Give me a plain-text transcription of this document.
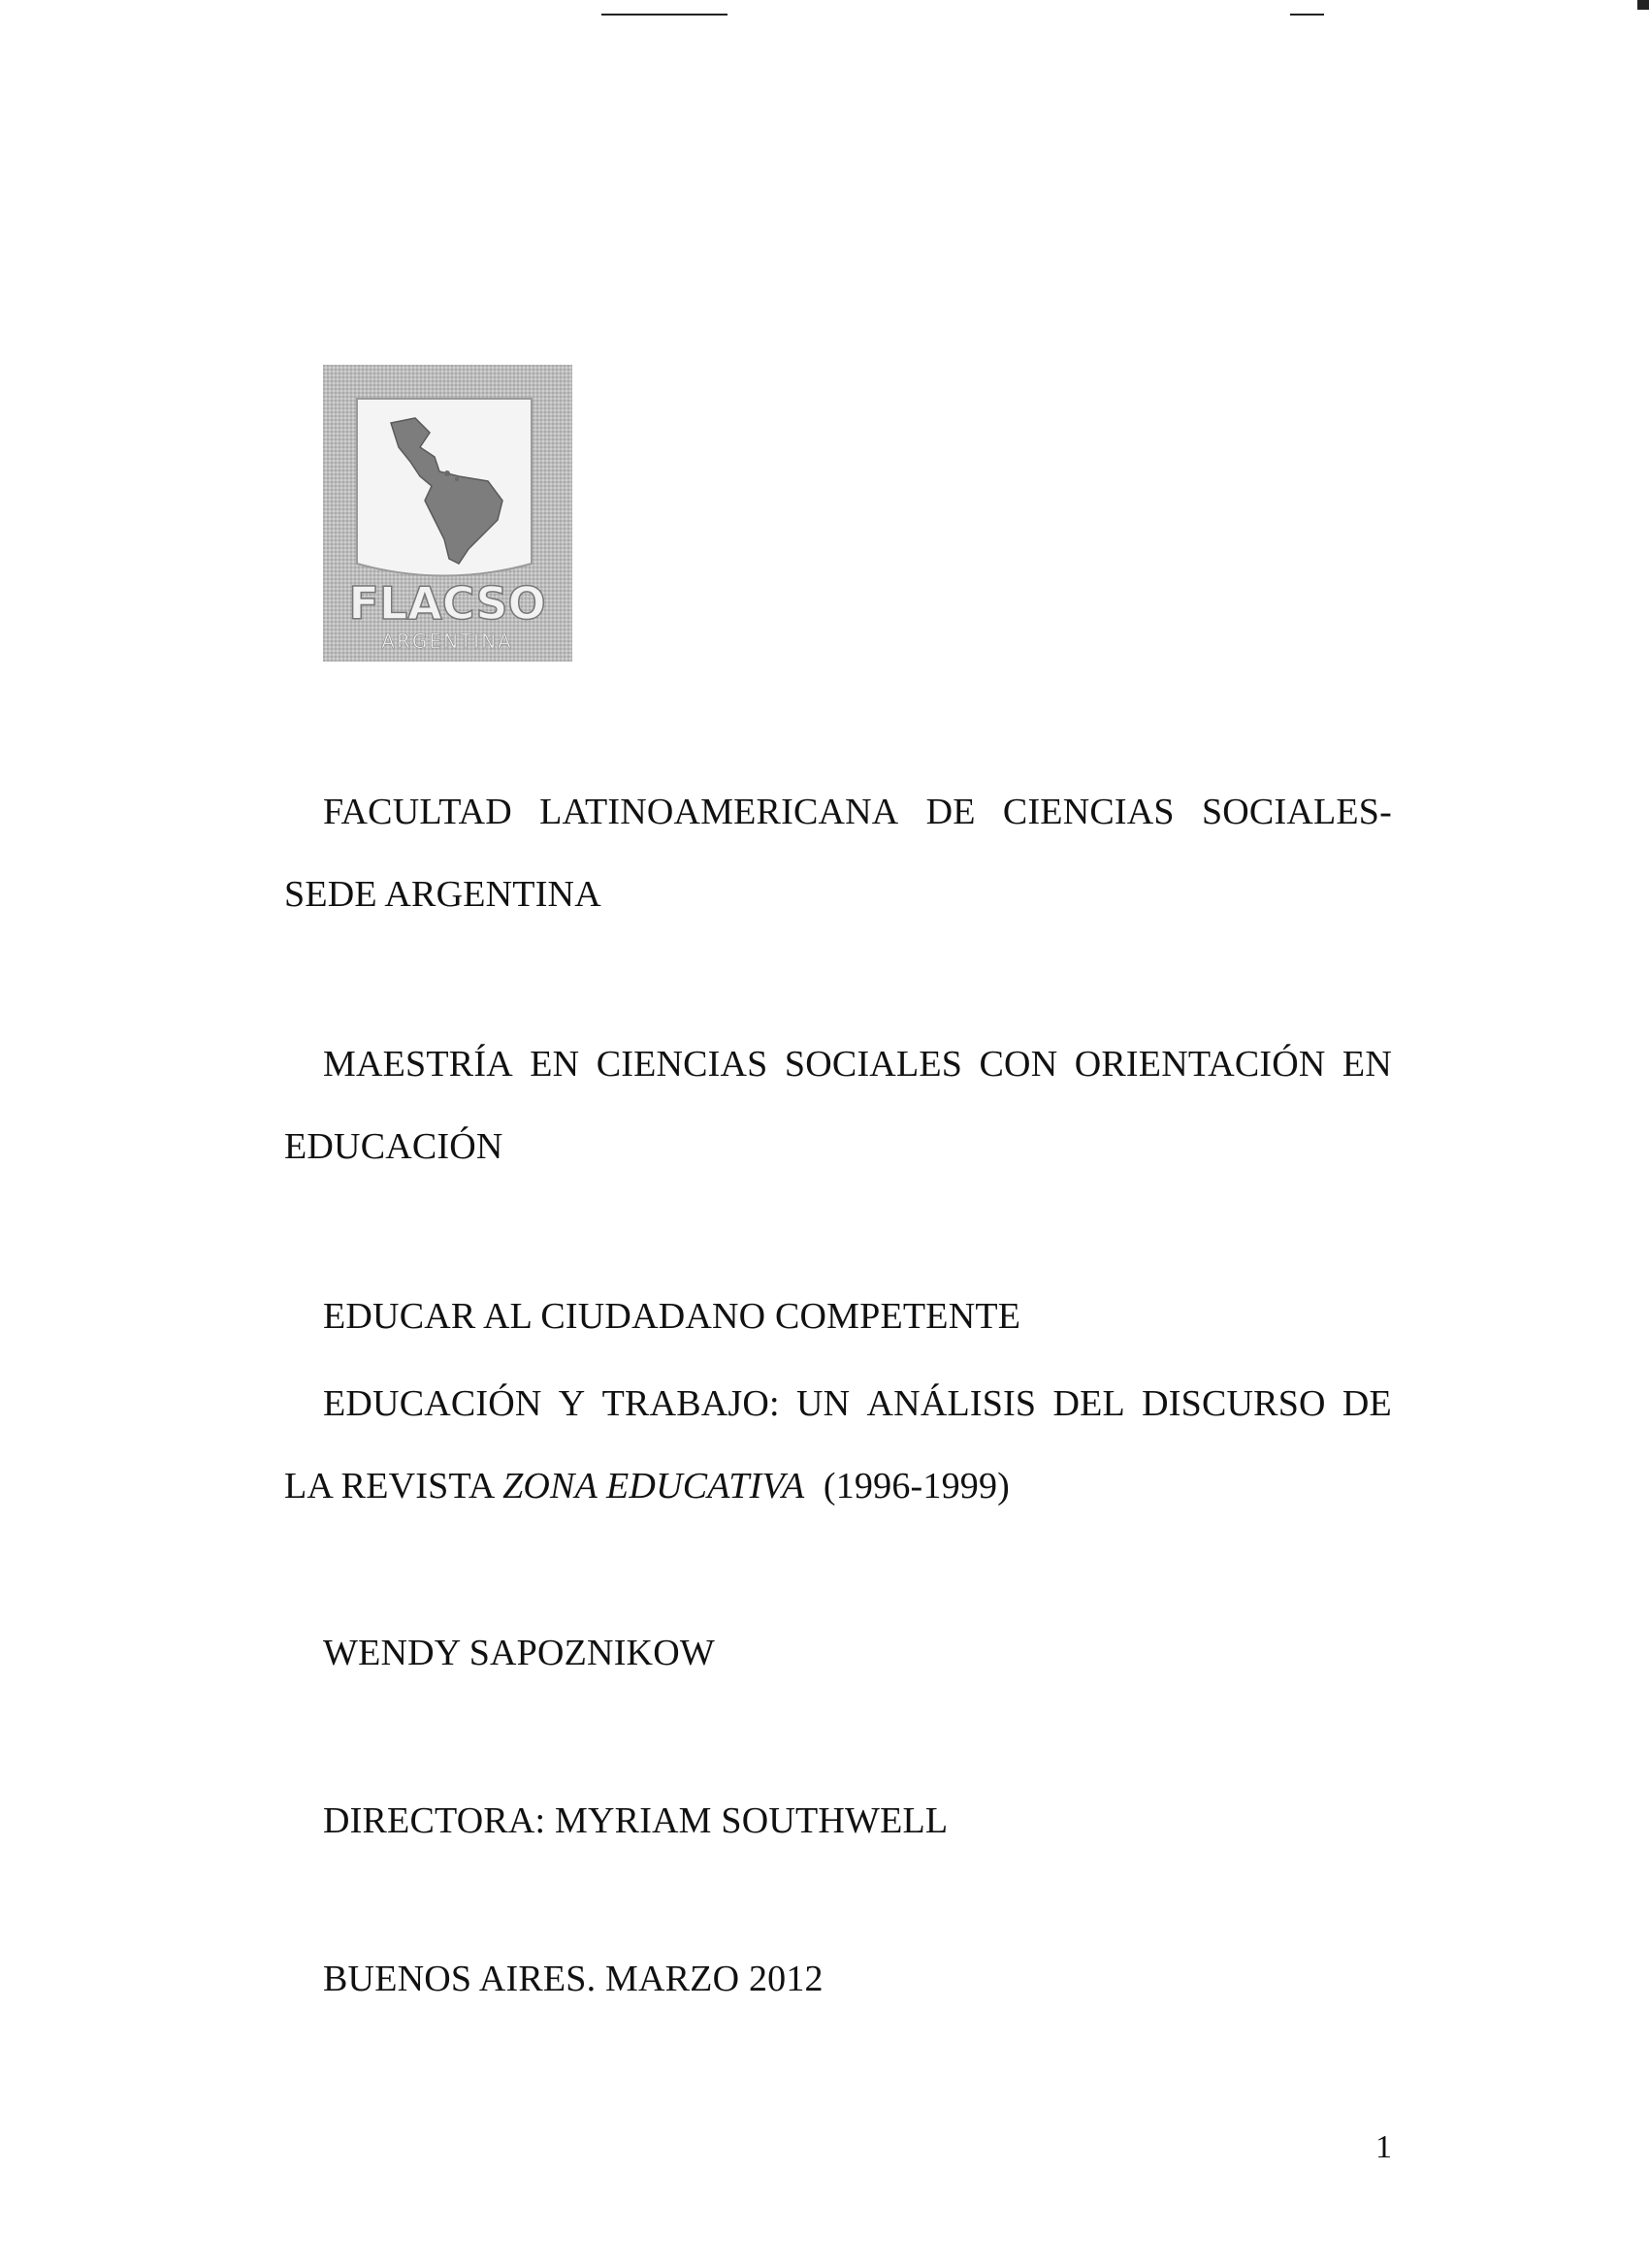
FLACSO
ARGENTINA
FACULTAD LATINOAMERICANA DE CIENCIAS SOCIALES-
SEDE ARGENTINA
MAESTRÍA EN CIENCIAS SOCIALES CON ORIENTACIÓN EN
EDUCACIÓN
EDUCAR AL CIUDADANO COMPETENTE
EDUCACIÓN Y TRABAJO: UN ANÁLISIS DEL DISCURSO DE
LA REVISTA ZONA EDUCATIVA (1996-1999)
WENDY SAPOZNIKOW
DIRECTORA: MYRIAM SOUTHWELL
BUENOS AIRES. MARZO 2012
1
